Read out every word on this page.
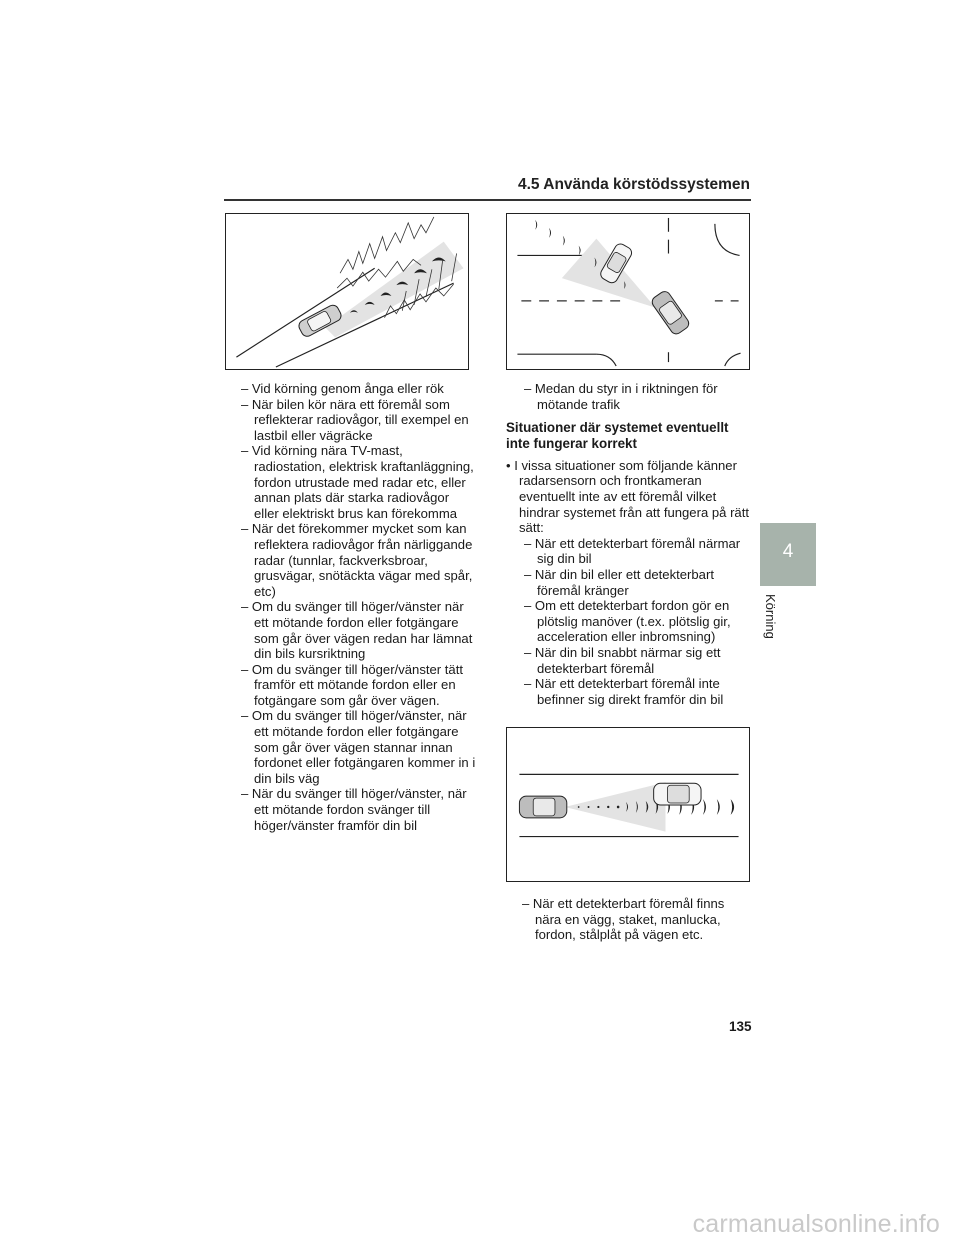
4.5 Använda körstödssystemen

– Vid körning genom ånga eller rök

– När bilen kör nära ett föremål som reflekterar radiovågor, till exempel en lastbil eller vägräcke

– Vid körning nära TV-mast, radiostation, elektrisk kraftanläggning, fordon utrustade med radar etc, eller annan plats där starka radiovågor eller elektriskt brus kan förekomma

– När det förekommer mycket som kan reflektera radiovågor från närliggande radar (tunnlar, fackverksbroar, grusvägar, snötäckta vägar med spår, etc)

– Om du svänger till höger/vänster när ett mötande fordon eller fotgängare som går över vägen redan har lämnat din bils kursriktning

– Om du svänger till höger/vänster tätt framför ett mötande fordon eller en fotgängare som går över vägen.

– Om du svänger till höger/vänster, när ett mötande fordon eller fotgängare som går över vägen stannar innan fordonet eller fotgängaren kommer in i din bils väg

– När du svänger till höger/vänster, när ett mötande fordon svänger till höger/vänster framför din bil

– Medan du styr in i riktningen för mötande trafik

Situationer där systemet eventuellt inte fungerar korrekt

• I vissa situationer som följande känner radarsensorn och frontkameran eventuellt inte av ett föremål vilket hindrar systemet från att fungera på rätt sätt:

– När ett detekterbart föremål närmar sig din bil

– När din bil eller ett detekterbart föremål kränger

– Om ett detekterbart fordon gör en plötslig manöver (t.ex. plötslig gir, acceleration eller inbromsning)

– När din bil snabbt närmar sig ett detekterbart föremål

– När ett detekterbart föremål inte befinner sig direkt framför din bil

– När ett detekterbart föremål finns nära en vägg, staket, manlucka, fordon, stålplåt på vägen etc.

4
Körning
135
carmanualsonline.info
